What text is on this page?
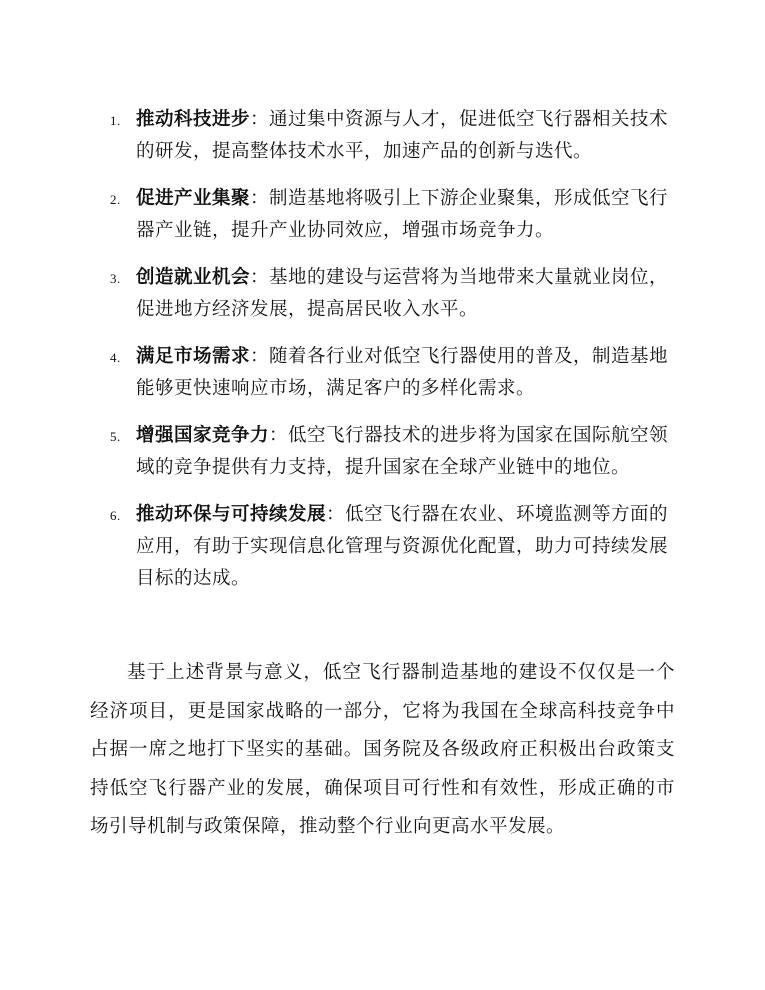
1. 推动科技进步：通过集中资源与人才，促进低空飞行器相关技术的研发，提高整体技术水平，加速产品的创新与迭代。
2. 促进产业集聚：制造基地将吸引上下游企业聚集，形成低空飞行器产业链，提升产业协同效应，增强市场竞争力。
3. 创造就业机会：基地的建设与运营将为当地带来大量就业岗位，促进地方经济发展，提高居民收入水平。
4. 满足市场需求：随着各行业对低空飞行器使用的普及，制造基地能够更快速响应市场，满足客户的多样化需求。
5. 增强国家竞争力：低空飞行器技术的进步将为国家在国际航空领域的竞争提供有力支持，提升国家在全球产业链中的地位。
6. 推动环保与可持续发展：低空飞行器在农业、环境监测等方面的应用，有助于实现信息化管理与资源优化配置，助力可持续发展目标的达成。

基于上述背景与意义，低空飞行器制造基地的建设不仅仅是一个经济项目，更是国家战略的一部分，它将为我国在全球高科技竞争中占据一席之地打下坚实的基础。国务院及各级政府正积极出台政策支持低空飞行器产业的发展，确保项目可行性和有效性，形成正确的市场引导机制与政策保障，推动整个行业向更高水平发展。
